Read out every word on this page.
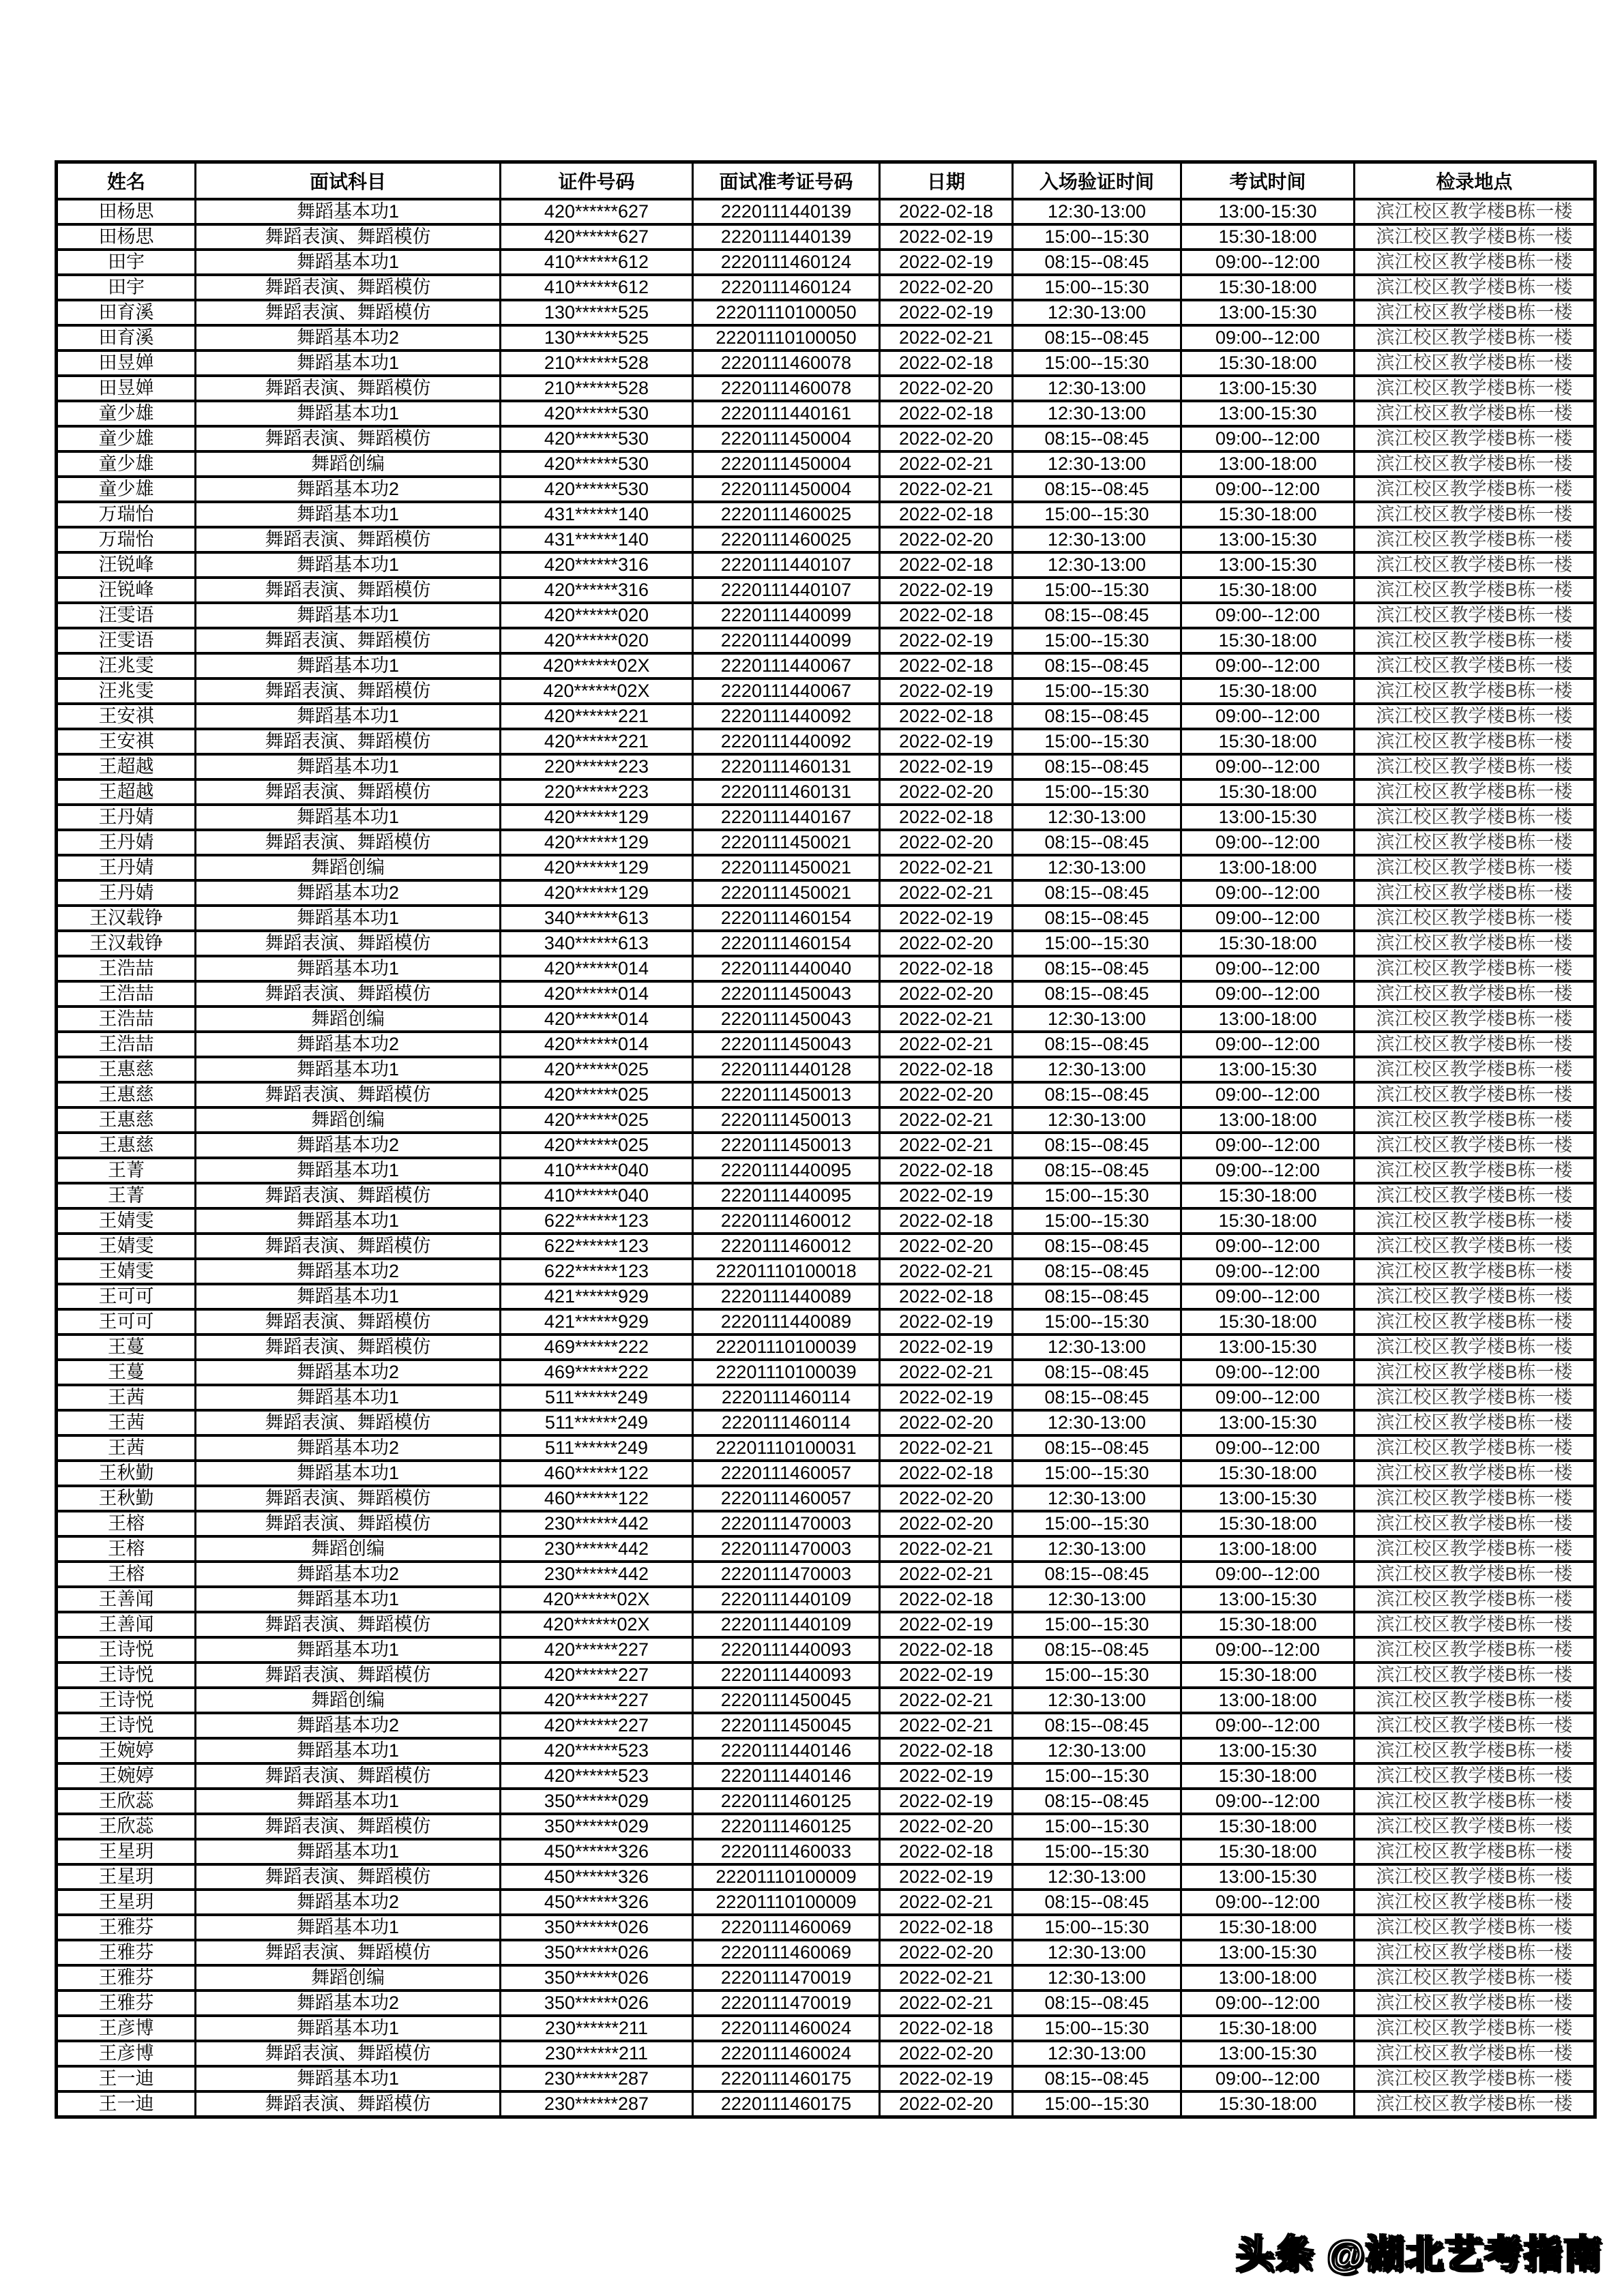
姓名	面试科目	证件号码	面试准考证号码	日期	入场验证时间	考试时间	检录地点
田杨思	舞蹈基本功1	420******627	2220111440139	2022-02-18	12:30-13:00	13:00-15:30	滨江校区教学楼B栋一楼
田杨思	舞蹈表演、舞蹈模仿	420******627	2220111440139	2022-02-19	15:00--15:30	15:30-18:00	滨江校区教学楼B栋一楼
田宇	舞蹈基本功1	410******612	2220111460124	2022-02-19	08:15--08:45	09:00--12:00	滨江校区教学楼B栋一楼
田宇	舞蹈表演、舞蹈模仿	410******612	2220111460124	2022-02-20	15:00--15:30	15:30-18:00	滨江校区教学楼B栋一楼
田育溪	舞蹈表演、舞蹈模仿	130******525	22201110100050	2022-02-19	12:30-13:00	13:00-15:30	滨江校区教学楼B栋一楼
田育溪	舞蹈基本功2	130******525	22201110100050	2022-02-21	08:15--08:45	09:00--12:00	滨江校区教学楼B栋一楼
田昱婵	舞蹈基本功1	210******528	2220111460078	2022-02-18	15:00--15:30	15:30-18:00	滨江校区教学楼B栋一楼
田昱婵	舞蹈表演、舞蹈模仿	210******528	2220111460078	2022-02-20	12:30-13:00	13:00-15:30	滨江校区教学楼B栋一楼
童少雄	舞蹈基本功1	420******530	2220111440161	2022-02-18	12:30-13:00	13:00-15:30	滨江校区教学楼B栋一楼
童少雄	舞蹈表演、舞蹈模仿	420******530	2220111450004	2022-02-20	08:15--08:45	09:00--12:00	滨江校区教学楼B栋一楼
童少雄	舞蹈创编	420******530	2220111450004	2022-02-21	12:30-13:00	13:00-18:00	滨江校区教学楼B栋一楼
童少雄	舞蹈基本功2	420******530	2220111450004	2022-02-21	08:15--08:45	09:00--12:00	滨江校区教学楼B栋一楼
万瑞怡	舞蹈基本功1	431******140	2220111460025	2022-02-18	15:00--15:30	15:30-18:00	滨江校区教学楼B栋一楼
万瑞怡	舞蹈表演、舞蹈模仿	431******140	2220111460025	2022-02-20	12:30-13:00	13:00-15:30	滨江校区教学楼B栋一楼
汪锐峰	舞蹈基本功1	420******316	2220111440107	2022-02-18	12:30-13:00	13:00-15:30	滨江校区教学楼B栋一楼
汪锐峰	舞蹈表演、舞蹈模仿	420******316	2220111440107	2022-02-19	15:00--15:30	15:30-18:00	滨江校区教学楼B栋一楼
汪雯语	舞蹈基本功1	420******020	2220111440099	2022-02-18	08:15--08:45	09:00--12:00	滨江校区教学楼B栋一楼
汪雯语	舞蹈表演、舞蹈模仿	420******020	2220111440099	2022-02-19	15:00--15:30	15:30-18:00	滨江校区教学楼B栋一楼
汪兆雯	舞蹈基本功1	420******02X	2220111440067	2022-02-18	08:15--08:45	09:00--12:00	滨江校区教学楼B栋一楼
汪兆雯	舞蹈表演、舞蹈模仿	420******02X	2220111440067	2022-02-19	15:00--15:30	15:30-18:00	滨江校区教学楼B栋一楼
王安祺	舞蹈基本功1	420******221	2220111440092	2022-02-18	08:15--08:45	09:00--12:00	滨江校区教学楼B栋一楼
王安祺	舞蹈表演、舞蹈模仿	420******221	2220111440092	2022-02-19	15:00--15:30	15:30-18:00	滨江校区教学楼B栋一楼
王超越	舞蹈基本功1	220******223	2220111460131	2022-02-19	08:15--08:45	09:00--12:00	滨江校区教学楼B栋一楼
王超越	舞蹈表演、舞蹈模仿	220******223	2220111460131	2022-02-20	15:00--15:30	15:30-18:00	滨江校区教学楼B栋一楼
王丹婧	舞蹈基本功1	420******129	2220111440167	2022-02-18	12:30-13:00	13:00-15:30	滨江校区教学楼B栋一楼
王丹婧	舞蹈表演、舞蹈模仿	420******129	2220111450021	2022-02-20	08:15--08:45	09:00--12:00	滨江校区教学楼B栋一楼
王丹婧	舞蹈创编	420******129	2220111450021	2022-02-21	12:30-13:00	13:00-18:00	滨江校区教学楼B栋一楼
王丹婧	舞蹈基本功2	420******129	2220111450021	2022-02-21	08:15--08:45	09:00--12:00	滨江校区教学楼B栋一楼
王汉载铮	舞蹈基本功1	340******613	2220111460154	2022-02-19	08:15--08:45	09:00--12:00	滨江校区教学楼B栋一楼
王汉载铮	舞蹈表演、舞蹈模仿	340******613	2220111460154	2022-02-20	15:00--15:30	15:30-18:00	滨江校区教学楼B栋一楼
王浩喆	舞蹈基本功1	420******014	2220111440040	2022-02-18	08:15--08:45	09:00--12:00	滨江校区教学楼B栋一楼
王浩喆	舞蹈表演、舞蹈模仿	420******014	2220111450043	2022-02-20	08:15--08:45	09:00--12:00	滨江校区教学楼B栋一楼
王浩喆	舞蹈创编	420******014	2220111450043	2022-02-21	12:30-13:00	13:00-18:00	滨江校区教学楼B栋一楼
王浩喆	舞蹈基本功2	420******014	2220111450043	2022-02-21	08:15--08:45	09:00--12:00	滨江校区教学楼B栋一楼
王惠慈	舞蹈基本功1	420******025	2220111440128	2022-02-18	12:30-13:00	13:00-15:30	滨江校区教学楼B栋一楼
王惠慈	舞蹈表演、舞蹈模仿	420******025	2220111450013	2022-02-20	08:15--08:45	09:00--12:00	滨江校区教学楼B栋一楼
王惠慈	舞蹈创编	420******025	2220111450013	2022-02-21	12:30-13:00	13:00-18:00	滨江校区教学楼B栋一楼
王惠慈	舞蹈基本功2	420******025	2220111450013	2022-02-21	08:15--08:45	09:00--12:00	滨江校区教学楼B栋一楼
王菁	舞蹈基本功1	410******040	2220111440095	2022-02-18	08:15--08:45	09:00--12:00	滨江校区教学楼B栋一楼
王菁	舞蹈表演、舞蹈模仿	410******040	2220111440095	2022-02-19	15:00--15:30	15:30-18:00	滨江校区教学楼B栋一楼
王婧雯	舞蹈基本功1	622******123	2220111460012	2022-02-18	15:00--15:30	15:30-18:00	滨江校区教学楼B栋一楼
王婧雯	舞蹈表演、舞蹈模仿	622******123	2220111460012	2022-02-20	08:15--08:45	09:00--12:00	滨江校区教学楼B栋一楼
王婧雯	舞蹈基本功2	622******123	22201110100018	2022-02-21	08:15--08:45	09:00--12:00	滨江校区教学楼B栋一楼
王可可	舞蹈基本功1	421******929	2220111440089	2022-02-18	08:15--08:45	09:00--12:00	滨江校区教学楼B栋一楼
王可可	舞蹈表演、舞蹈模仿	421******929	2220111440089	2022-02-19	15:00--15:30	15:30-18:00	滨江校区教学楼B栋一楼
王蔓	舞蹈表演、舞蹈模仿	469******222	22201110100039	2022-02-19	12:30-13:00	13:00-15:30	滨江校区教学楼B栋一楼
王蔓	舞蹈基本功2	469******222	22201110100039	2022-02-21	08:15--08:45	09:00--12:00	滨江校区教学楼B栋一楼
王茜	舞蹈基本功1	511******249	2220111460114	2022-02-19	08:15--08:45	09:00--12:00	滨江校区教学楼B栋一楼
王茜	舞蹈表演、舞蹈模仿	511******249	2220111460114	2022-02-20	12:30-13:00	13:00-15:30	滨江校区教学楼B栋一楼
王茜	舞蹈基本功2	511******249	22201110100031	2022-02-21	08:15--08:45	09:00--12:00	滨江校区教学楼B栋一楼
王秋勤	舞蹈基本功1	460******122	2220111460057	2022-02-18	15:00--15:30	15:30-18:00	滨江校区教学楼B栋一楼
王秋勤	舞蹈表演、舞蹈模仿	460******122	2220111460057	2022-02-20	12:30-13:00	13:00-15:30	滨江校区教学楼B栋一楼
王榕	舞蹈表演、舞蹈模仿	230******442	2220111470003	2022-02-20	15:00--15:30	15:30-18:00	滨江校区教学楼B栋一楼
王榕	舞蹈创编	230******442	2220111470003	2022-02-21	12:30-13:00	13:00-18:00	滨江校区教学楼B栋一楼
王榕	舞蹈基本功2	230******442	2220111470003	2022-02-21	08:15--08:45	09:00--12:00	滨江校区教学楼B栋一楼
王善闻	舞蹈基本功1	420******02X	2220111440109	2022-02-18	12:30-13:00	13:00-15:30	滨江校区教学楼B栋一楼
王善闻	舞蹈表演、舞蹈模仿	420******02X	2220111440109	2022-02-19	15:00--15:30	15:30-18:00	滨江校区教学楼B栋一楼
王诗悦	舞蹈基本功1	420******227	2220111440093	2022-02-18	08:15--08:45	09:00--12:00	滨江校区教学楼B栋一楼
王诗悦	舞蹈表演、舞蹈模仿	420******227	2220111440093	2022-02-19	15:00--15:30	15:30-18:00	滨江校区教学楼B栋一楼
王诗悦	舞蹈创编	420******227	2220111450045	2022-02-21	12:30-13:00	13:00-18:00	滨江校区教学楼B栋一楼
王诗悦	舞蹈基本功2	420******227	2220111450045	2022-02-21	08:15--08:45	09:00--12:00	滨江校区教学楼B栋一楼
王婉婷	舞蹈基本功1	420******523	2220111440146	2022-02-18	12:30-13:00	13:00-15:30	滨江校区教学楼B栋一楼
王婉婷	舞蹈表演、舞蹈模仿	420******523	2220111440146	2022-02-19	15:00--15:30	15:30-18:00	滨江校区教学楼B栋一楼
王欣蕊	舞蹈基本功1	350******029	2220111460125	2022-02-19	08:15--08:45	09:00--12:00	滨江校区教学楼B栋一楼
王欣蕊	舞蹈表演、舞蹈模仿	350******029	2220111460125	2022-02-20	15:00--15:30	15:30-18:00	滨江校区教学楼B栋一楼
王星玥	舞蹈基本功1	450******326	2220111460033	2022-02-18	15:00--15:30	15:30-18:00	滨江校区教学楼B栋一楼
王星玥	舞蹈表演、舞蹈模仿	450******326	22201110100009	2022-02-19	12:30-13:00	13:00-15:30	滨江校区教学楼B栋一楼
王星玥	舞蹈基本功2	450******326	22201110100009	2022-02-21	08:15--08:45	09:00--12:00	滨江校区教学楼B栋一楼
王雅芬	舞蹈基本功1	350******026	2220111460069	2022-02-18	15:00--15:30	15:30-18:00	滨江校区教学楼B栋一楼
王雅芬	舞蹈表演、舞蹈模仿	350******026	2220111460069	2022-02-20	12:30-13:00	13:00-15:30	滨江校区教学楼B栋一楼
王雅芬	舞蹈创编	350******026	2220111470019	2022-02-21	12:30-13:00	13:00-18:00	滨江校区教学楼B栋一楼
王雅芬	舞蹈基本功2	350******026	2220111470019	2022-02-21	08:15--08:45	09:00--12:00	滨江校区教学楼B栋一楼
王彦博	舞蹈基本功1	230******211	2220111460024	2022-02-18	15:00--15:30	15:30-18:00	滨江校区教学楼B栋一楼
王彦博	舞蹈表演、舞蹈模仿	230******211	2220111460024	2022-02-20	12:30-13:00	13:00-15:30	滨江校区教学楼B栋一楼
王一迪	舞蹈基本功1	230******287	2220111460175	2022-02-19	08:15--08:45	09:00--12:00	滨江校区教学楼B栋一楼
王一迪	舞蹈表演、舞蹈模仿	230******287	2220111460175	2022-02-20	15:00--15:30	15:30-18:00	滨江校区教学楼B栋一楼
头条 @湖北艺考指南
